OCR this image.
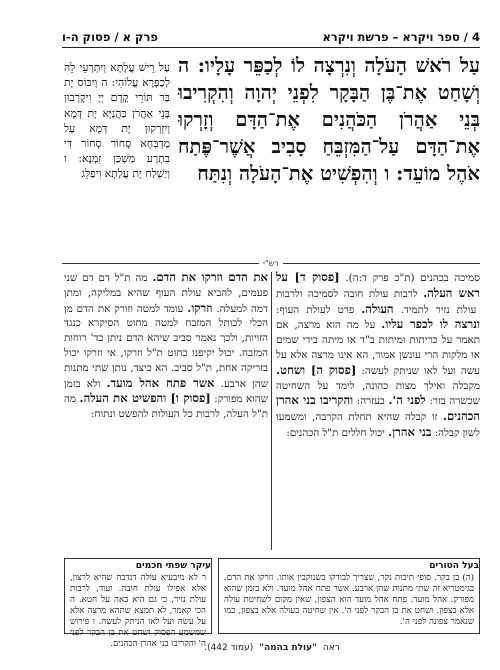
4 / ספר ויקרא – פרשת ויקרא
פרק א / פסוק ה-ו
עַל רֹאשׁ הָעֹלָה וְנִרְצָה לוֹ לְכַפֵּר עָלָיו: ה וְשָׁחַט אֶת־בֶּן הַבָּקָר לִפְנֵי יְהוָה וְהִקְרִיבוּ בְּנֵי אַהֲרֹן הַכֹּהֲנִים אֶת־הַדָּם וְזָרְקוּ אֶת־הַדָּם עַל־הַמִּזְבֵּחַ סָבִיב אֲשֶׁר־פֶּתַח אֹהֶל מוֹעֵד: ו וְהִפְשִׁיט אֶת־הָעֹלָה וְנִתַּח
עַל רֵישׁ עֲלָתָא וְיִתְרְעֵי לֵהּ לְכַפָּרָא עֲלוֹהִי: ה וְיִכּוֹס יָת בַּר תּוֹרֵי קֳדָם יְיָ וִיקָרְבוּן בְּנֵי אַהֲרֹן כַּהֲנַיָּא יָת דְּמָא וְיִזְרְקוּן יָת דְּמָא עַל מַדְבְּחָא סְחוֹר סְחוֹר דִּי בִתְרַע מַשְׁכַּן זִמְנָא: ו וְיַשְׁלַח יָת עֲלָתָא וִיפַלֵּג
רש"י
סמיכה בכהנים (ת"כ פרק ד:ה). [פסוק ד] על ראש העלה. לרבות עולת חובה לסמיכה ולרבות עולת נזיר לתמיד. העולה. פרט לעולת העוף: ונרצה לו לכפר עליו. על מה הוא מרצה, אם תאמר על כריתות ומיתות ב"ד או מיתה בידי שמים או מלקות הרי עונשן אמור, הא אינו מרצה אלא על עשה ועל לאו שניתק לעשה: [פסוק ה] ושחט. מקבלה ואילך מצות כהונה, לימד על השחיטה שכשרה בזר: לפני ה'. בעזרה: והקריבו בני אהרן הכהנים. זו קבלה שהיא תחלת הקרבה, ומשמעו לשון קבלה: בני אהרן. יכול חללים ת"ל הכהנים:
את הדם וזרקו את הדם. מה ת"ל דם דם שני פעמים, להביא עולת העוף שהיא במליקה, ומתן דמה למעלה. וזרקו. עומד למטה וזורק את הדם מן הכלי לכותל המזבח למטה מחוט הסיקרא כנגד הזויות, ולכך נאמר סביב שיהא הדם ניתן בד' רוחות המזבח. יכול יקיפנו כחוט ת"ל וזרקו, אי וזרקו יכול בזריקה אחת, ת"ל סביב. הא כיצד, נותן שתי מתנות שהן ארבע. אשר פתח אהל מועד. ולא בזמן שהוא מפורק: [פסוק ו] והפשיט את העלה. מה ת"ל העלה, לרבות כל העולות להפשט ונתוח:
בעל הטורים
(ה) בן בקר. סופי תיבות נקר, שצריך לבודקו כשנוקבין אותו. וזרקו את הדם. בגימטריא זה שתי מתנות שהן ארבע. אשר פתח אהל מועד. ולא בזמן שהוא מפורק. אהל מועד. פתח אהל מועד הוא הצפון, שאין מקום לשחיטת עולה אלא בצפון. ושחט את בן הבקר לפני ה'. אין שחיטה בעולה אלא בצפון, כמו שנאמר צפונה לפני ה'.
עיקר שפתי חכמים
ר לא מיבעיא עולה דנדבה שהיא לרצון, אלא אפילו עולת חובה. ועוד, לרבות עולת נזיר, כי גם היא באה על חטא. ה הכי קאמר, לא תמצא שתהא מרצה אלא על עשה ועל לאו הניתק לעשה. ו פירוש שמשמע הפסוק ושחט את בן הבקר לפני ה' והקריבו בני אהרן הכהנים.	ראה
"עולת בהמה"
(עמוד 442).
